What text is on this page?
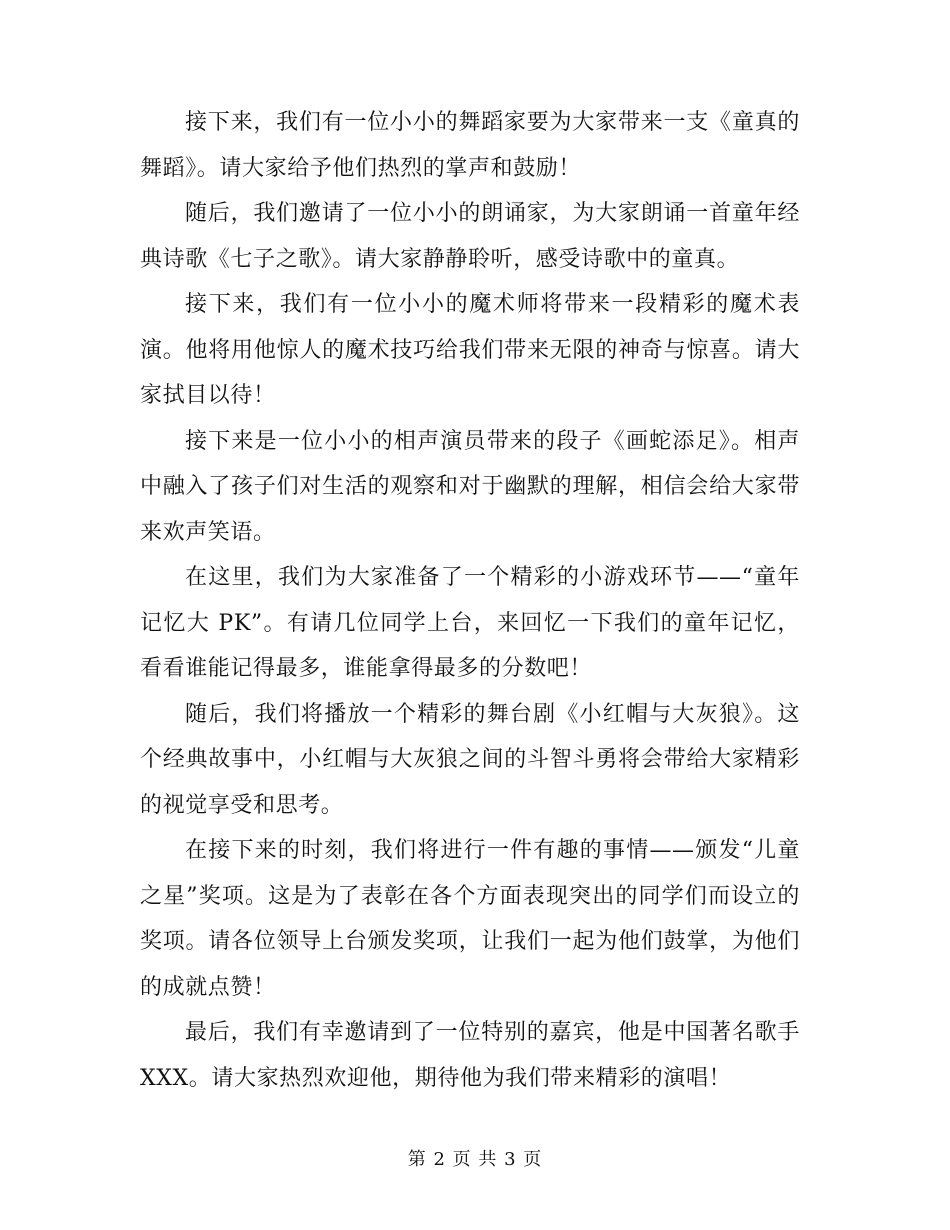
接下来，我们有一位小小的舞蹈家要为大家带来一支《童真的舞蹈》。请大家给予他们热烈的掌声和鼓励！

随后，我们邀请了一位小小的朗诵家，为大家朗诵一首童年经典诗歌《七子之歌》。请大家静静聆听，感受诗歌中的童真。

接下来，我们有一位小小的魔术师将带来一段精彩的魔术表演。他将用他惊人的魔术技巧给我们带来无限的神奇与惊喜。请大家拭目以待！

接下来是一位小小的相声演员带来的段子《画蛇添足》。相声中融入了孩子们对生活的观察和对于幽默的理解，相信会给大家带来欢声笑语。

在这里，我们为大家准备了一个精彩的小游戏环节——“童年记忆大 PK”。有请几位同学上台，来回忆一下我们的童年记忆，看看谁能记得最多，谁能拿得最多的分数吧！

随后，我们将播放一个精彩的舞台剧《小红帽与大灰狼》。这个经典故事中，小红帽与大灰狼之间的斗智斗勇将会带给大家精彩的视觉享受和思考。

在接下来的时刻，我们将进行一件有趣的事情——颁发“儿童之星”奖项。这是为了表彰在各个方面表现突出的同学们而设立的奖项。请各位领导上台颁发奖项，让我们一起为他们鼓掌，为他们的成就点赞！

最后，我们有幸邀请到了一位特别的嘉宾，他是中国著名歌手 XXX。请大家热烈欢迎他，期待他为我们带来精彩的演唱！

第 2 页 共 3 页
